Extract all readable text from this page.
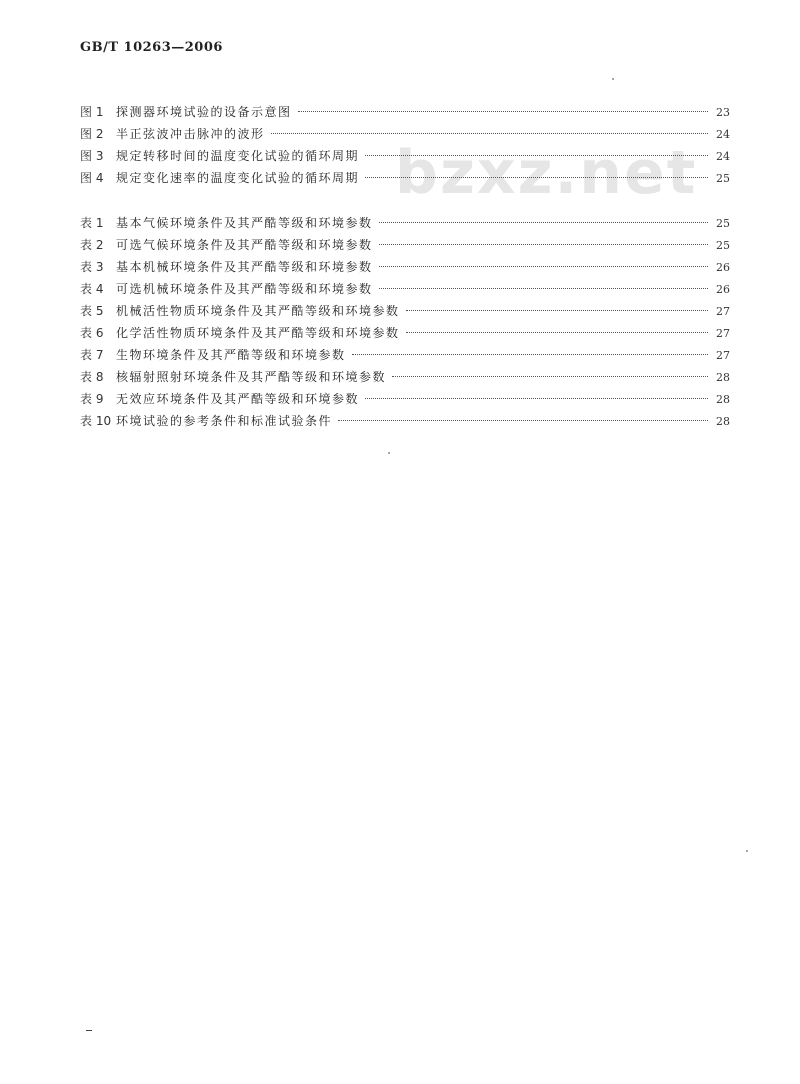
GB/T 10263—2006
bzxz.net
图 1	探测器环境试验的设备示意图	23
图 2	半正弦波冲击脉冲的波形	24
图 3	规定转移时间的温度变化试验的循环周期	24
图 4	规定变化速率的温度变化试验的循环周期	25
表 1	基本气候环境条件及其严酷等级和环境参数	25
表 2	可选气候环境条件及其严酷等级和环境参数	25
表 3	基本机械环境条件及其严酷等级和环境参数	26
表 4	可选机械环境条件及其严酷等级和环境参数	26
表 5	机械活性物质环境条件及其严酷等级和环境参数	27
表 6	化学活性物质环境条件及其严酷等级和环境参数	27
表 7	生物环境条件及其严酷等级和环境参数	27
表 8	核辐射照射环境条件及其严酷等级和环境参数	28
表 9	无效应环境条件及其严酷等级和环境参数	28
表 10 环境试验的参考条件和标准试验条件	28
